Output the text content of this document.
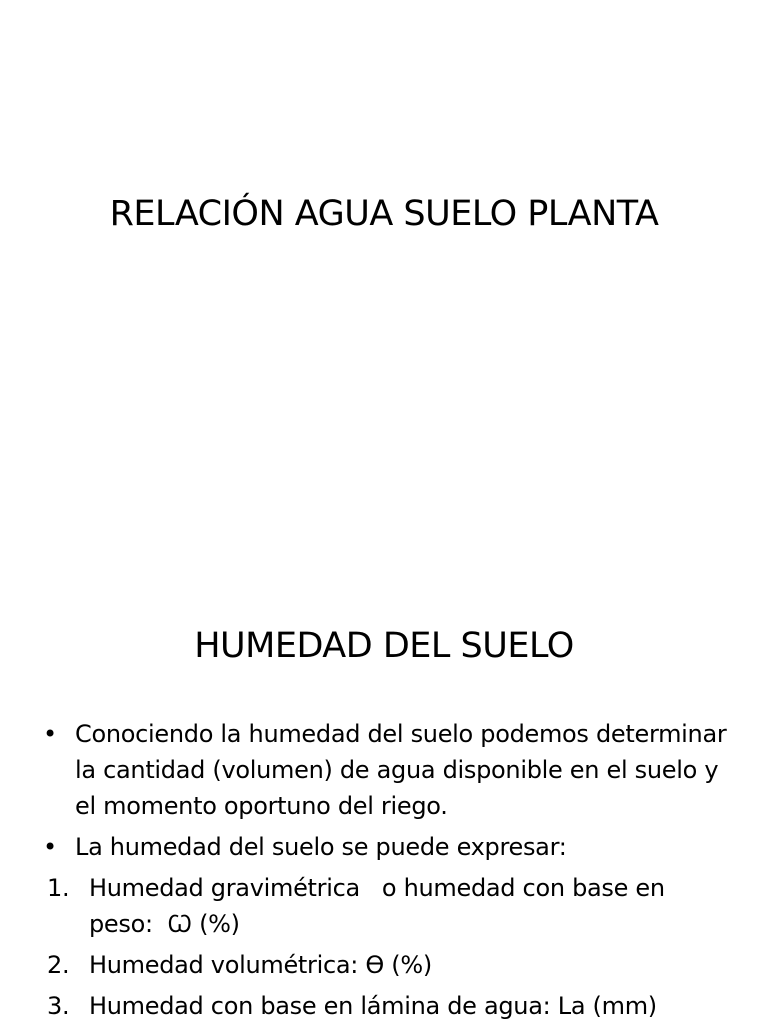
RELACIÓN AGUA SUELO PLANTA
HUMEDAD DEL SUELO
• Conociendo la humedad del suelo podemos determinar la cantidad (volumen) de agua disponible en el suelo y el momento oportuno del riego.
• La humedad del suelo se puede expresar:
1. Humedad gravimétrica   o humedad con base en peso:  Ꞷ (%)
2. Humedad volumétrica: Ɵ (%)
3. Humedad con base en lámina de agua: La (mm)
